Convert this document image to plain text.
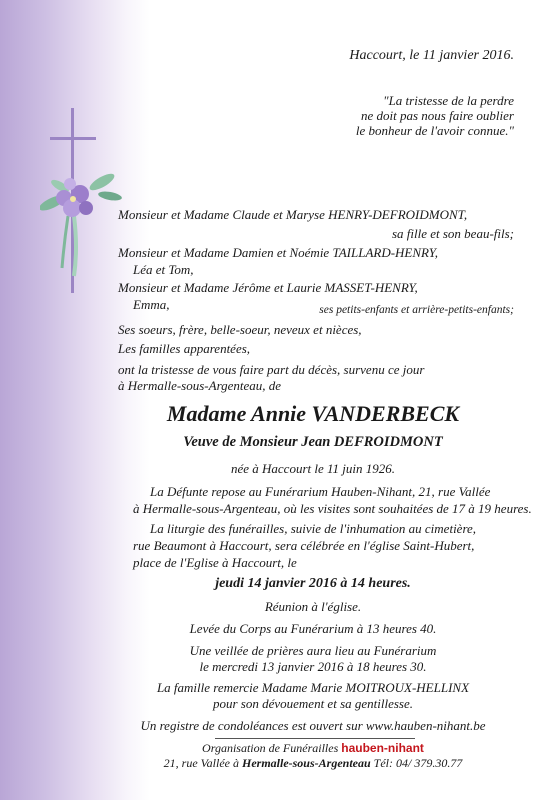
Haccourt, le 11 janvier 2016.
"La tristesse de la perdre
ne doit pas nous faire oublier
le bonheur de l'avoir connue."
Monsieur et Madame Claude et Maryse HENRY-DEFROIDMONT,
sa fille et son beau-fils;
Monsieur et Madame Damien et Noémie TAILLARD-HENRY,
Léa et Tom,
Monsieur et Madame Jérôme et Laurie MASSET-HENRY,
Emma,	ses petits-enfants et arrière-petits-enfants;
Ses soeurs, frère, belle-soeur, neveux et nièces,
Les familles apparentées,
ont la tristesse de vous faire part du décès, survenu ce jour
à Hermalle-sous-Argenteau, de
Madame Annie VANDERBECK
Veuve de Monsieur Jean DEFROIDMONT
née à Haccourt le 11 juin 1926.
La Défunte repose au Funérarium Hauben-Nihant, 21, rue Vallée
à Hermalle-sous-Argenteau, où les visites sont souhaitées de 17 à 19 heures.
La liturgie des funérailles, suivie de l'inhumation au cimetière,
rue Beaumont à Haccourt, sera célébrée en l'église Saint-Hubert,
place de l'Eglise à Haccourt, le
jeudi 14 janvier 2016 à 14 heures.
Réunion à l'église.
Levée du Corps au Funérarium à 13 heures 40.
Une veillée de prières aura lieu au Funérarium
le mercredi 13 janvier 2016 à 18 heures 30.
La famille remercie Madame Marie MOITROUX-HELLINX
pour son dévouement et sa gentillesse.
Un registre de condoléances est ouvert sur www.hauben-nihant.be
Organisation de Funérailles hauben-nihant
21, rue Vallée à Hermalle-sous-Argenteau Tél: 04/ 379.30.77
